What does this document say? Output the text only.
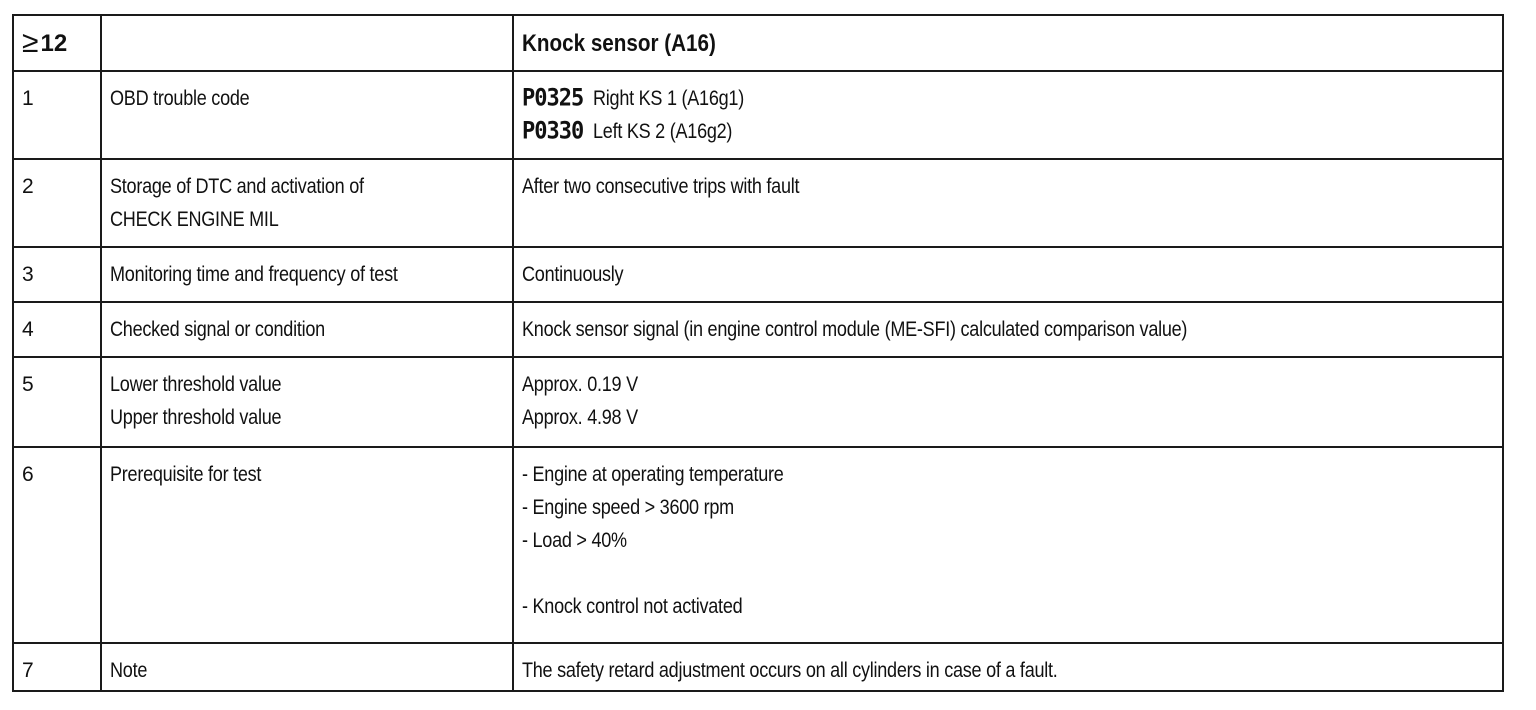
≥ 12		Knock sensor (A16)
1	OBD trouble code	P0325 Right KS 1 (A16g1)
P0330 Left KS 2 (A16g2)

2	Storage of DTC and activation of
CHECK ENGINE MIL	After two consecutive trips with fault

3	Monitoring time and frequency of test	Continuously

4	Checked signal or condition	Knock sensor signal (in engine control module (ME-SFI) calculated comparison value)

5	Lower threshold value
Upper threshold value	Approx. 0.19 V
Approx. 4.98 V

6	Prerequisite for test	- Engine at operating temperature
- Engine speed > 3600 rpm
- Load > 40%
- Knock control not activated

7	Note	The safety retard adjustment occurs on all cylinders in case of a fault.
